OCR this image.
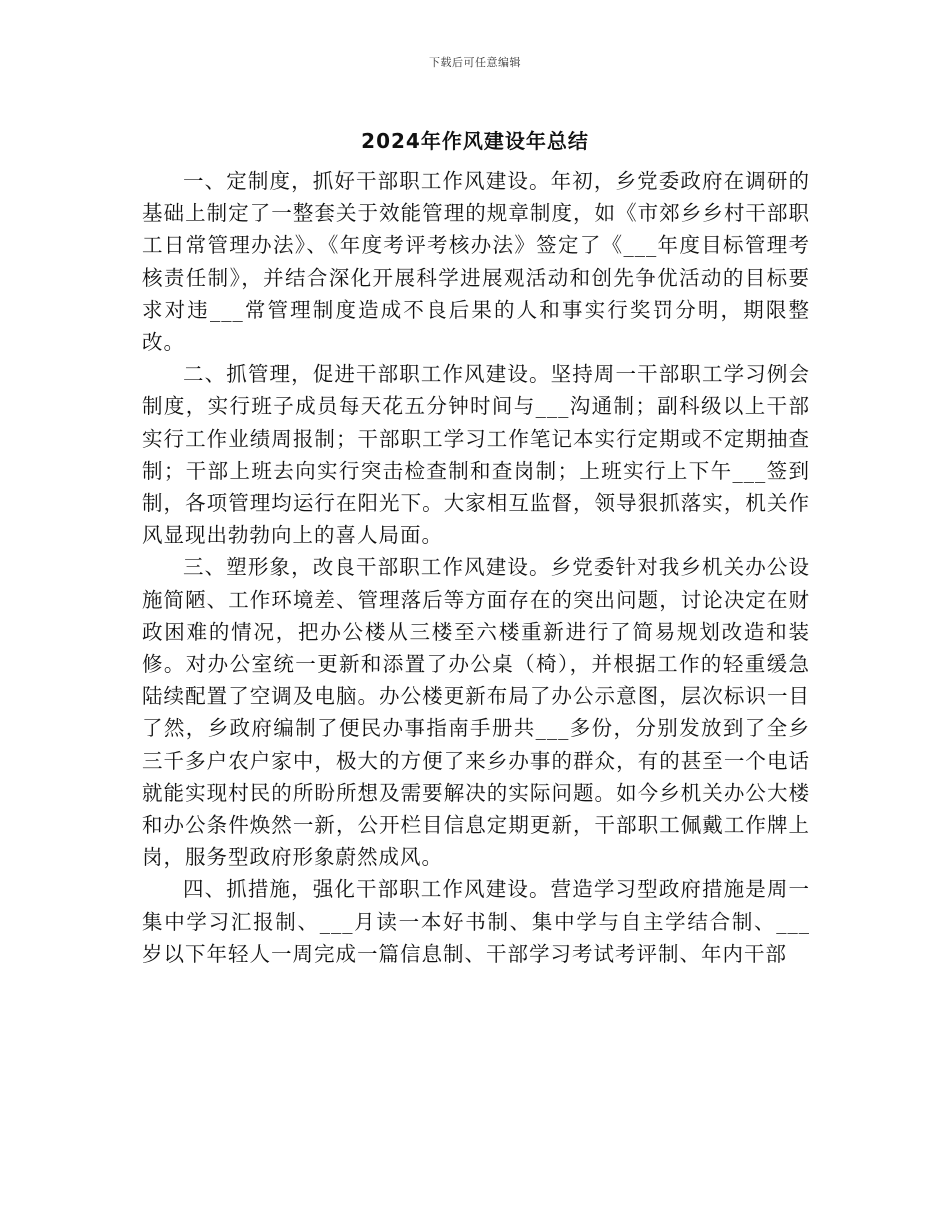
下载后可任意编辑
2024年作风建设年总结

一、定制度，抓好干部职工作风建设。年初，乡党委政府在调研的基础上制定了一整套关于效能管理的规章制度，如《市郊乡乡村干部职工日常管理办法》、《年度考评考核办法》签定了《___年度目标管理考核责任制》，并结合深化开展科学进展观活动和创先争优活动的目标要求对违___常管理制度造成不良后果的人和事实行奖罚分明，期限整改。

二、抓管理，促进干部职工作风建设。坚持周一干部职工学习例会制度，实行班子成员每天花五分钟时间与___沟通制；副科级以上干部实行工作业绩周报制；干部职工学习工作笔记本实行定期或不定期抽查制；干部上班去向实行突击检查制和查岗制；上班实行上下午___签到制，各项管理均运行在阳光下。大家相互监督，领导狠抓落实，机关作风显现出勃勃向上的喜人局面。

三、塑形象，改良干部职工作风建设。乡党委针对我乡机关办公设施简陋、工作环境差、管理落后等方面存在的突出问题，讨论决定在财政困难的情况，把办公楼从三楼至六楼重新进行了简易规划改造和装修。对办公室统一更新和添置了办公桌（椅），并根据工作的轻重缓急陆续配置了空调及电脑。办公楼更新布局了办公示意图，层次标识一目了然，乡政府编制了便民办事指南手册共___多份，分别发放到了全乡三千多户农户家中，极大的方便了来乡办事的群众，有的甚至一个电话就能实现村民的所盼所想及需要解决的实际问题。如今乡机关办公大楼和办公条件焕然一新，公开栏目信息定期更新，干部职工佩戴工作牌上岗，服务型政府形象蔚然成风。

四、抓措施，强化干部职工作风建设。营造学习型政府措施是周一集中学习汇报制、___月读一本好书制、集中学与自主学结合制、___岁以下年轻人一周完成一篇信息制、干部学习考试考评制、年内干部
